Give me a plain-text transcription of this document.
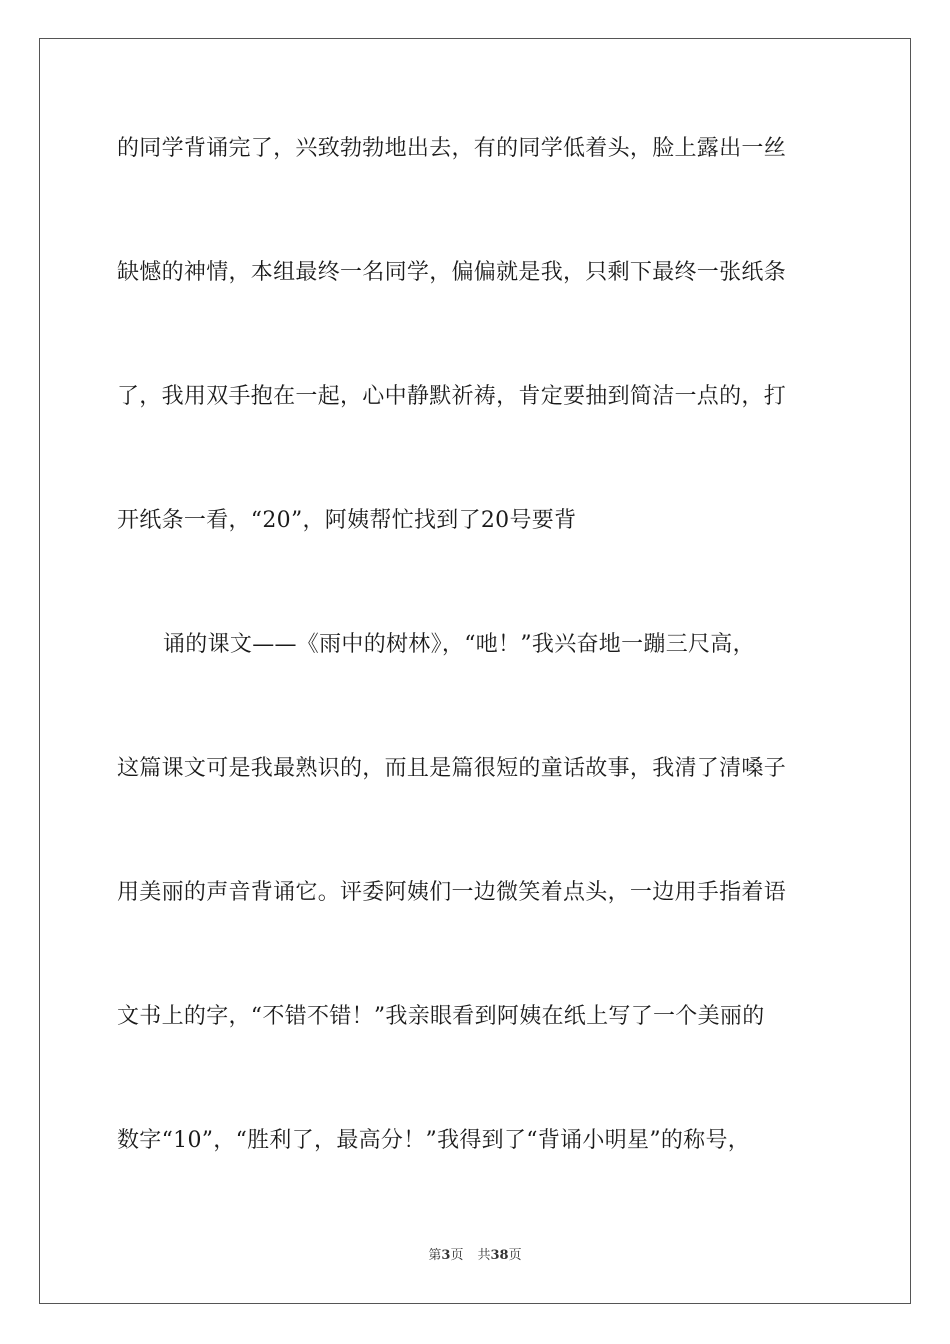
的同学背诵完了，兴致勃勃地出去，有的同学低着头，脸上露出一丝
缺憾的神情，本组最终一名同学，偏偏就是我，只剩下最终一张纸条
了，我用双手抱在一起，心中静默祈祷，肯定要抽到简洁一点的，打
开纸条一看，“20”，阿姨帮忙找到了20号要背
诵的课文——《雨中的树林》，“吔！”我兴奋地一蹦三尺高，
这篇课文可是我最熟识的，而且是篇很短的童话故事，我清了清嗓子
用美丽的声音背诵它。评委阿姨们一边微笑着点头，一边用手指着语
文书上的字，“不错不错！”我亲眼看到阿姨在纸上写了一个美丽的
数字“10”，“胜利了，最高分！”我得到了“背诵小明星”的称号，
第3页 共38页
